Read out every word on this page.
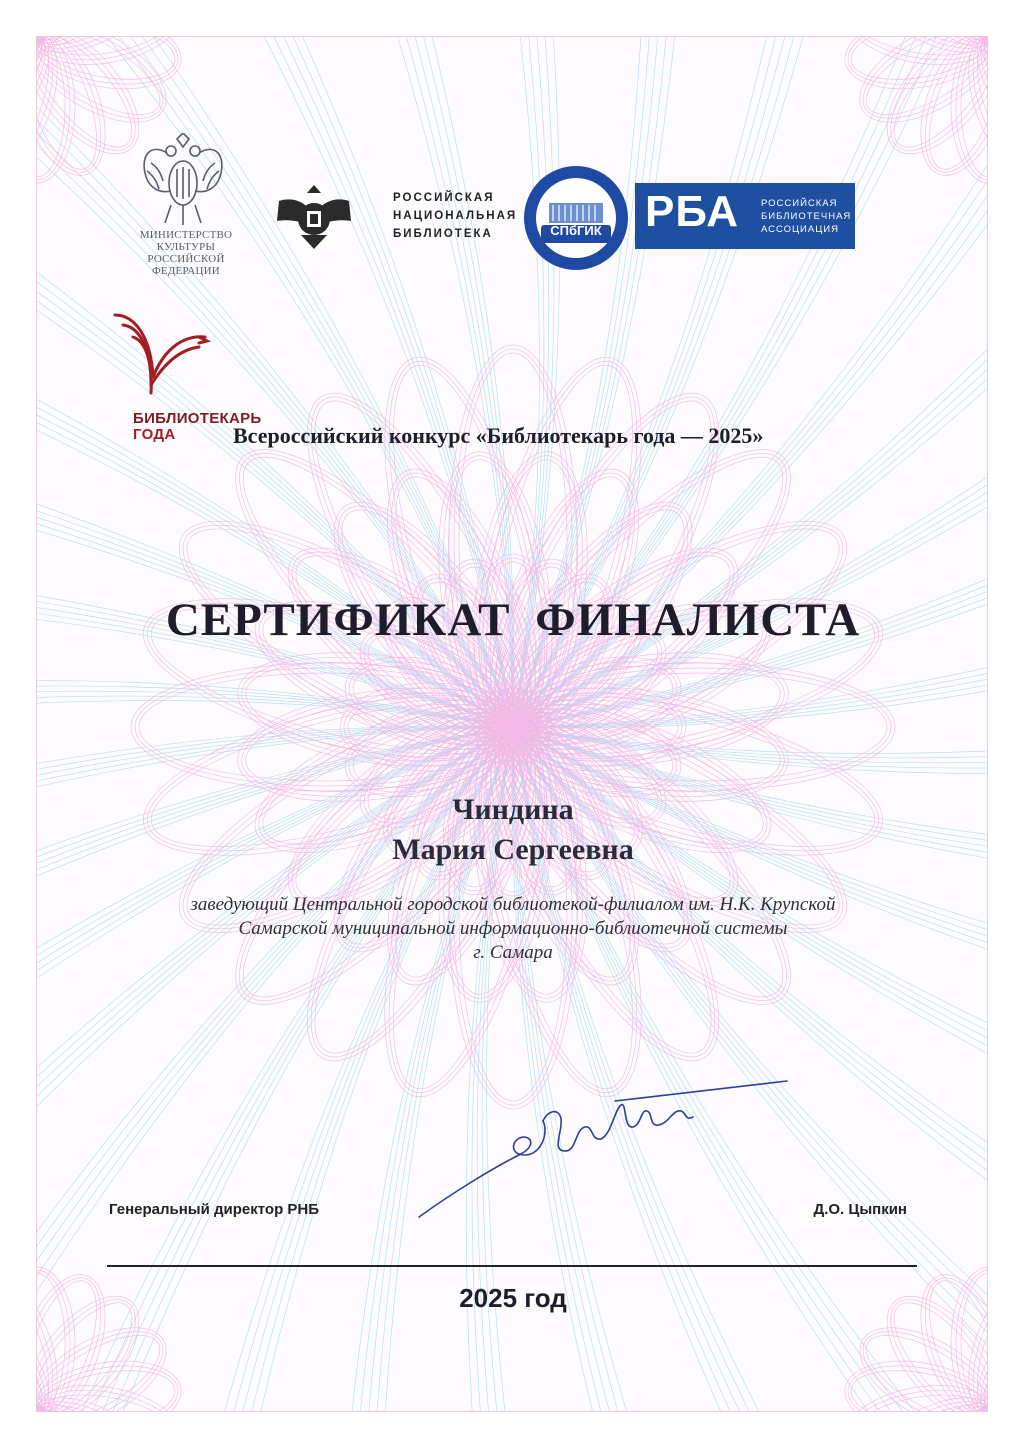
МИНИСТЕРСТВО КУЛЬТУРЫ
РОССИЙСКОЙ ФЕДЕРАЦИИ
РОССИЙСКАЯ
НАЦИОНАЛЬНАЯ
БИБЛИОТЕКА	СПбГИК РБА РОССИЙСКАЯ
БИБЛИОТЕЧНАЯ
АССОЦИАЦИЯ
БИБЛИОТЕКАРЬ
ГОДА	Всероссийский конкурс «Библиотекарь года — 2025»
СЕРТИФИКАТ ФИНАЛИСТА
Чиндина
Мария Сергеевна
заведующий Центральной городской библиотекой-филиалом им. Н.К. Крупской
Самарской муниципальной информационно-библиотечной системы
г. Самара
Генеральный директор РНБ	Д.О. Цыпкин
2025 год
